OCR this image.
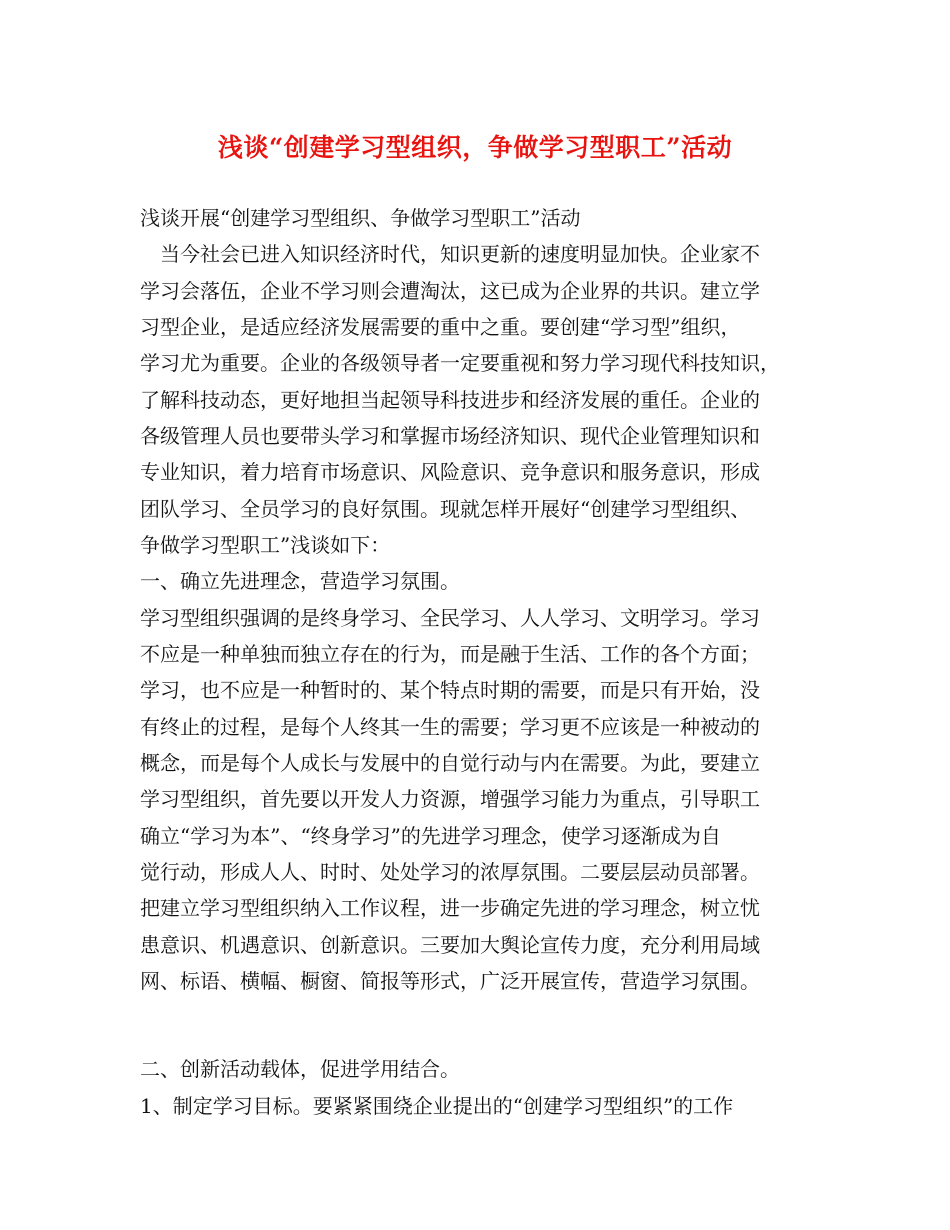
浅谈“创建学习型组织，争做学习型职工”活动
浅谈开展“创建学习型组织、争做学习型职工”活动
　当今社会已进入知识经济时代，知识更新的速度明显加快。企业家不
学习会落伍，企业不学习则会遭淘汰，这已成为企业界的共识。建立学
习型企业，是适应经济发展需要的重中之重。要创建“学习型”组织，
学习尤为重要。企业的各级领导者一定要重视和努力学习现代科技知识，
了解科技动态，更好地担当起领导科技进步和经济发展的重任。企业的
各级管理人员也要带头学习和掌握市场经济知识、现代企业管理知识和
专业知识，着力培育市场意识、风险意识、竞争意识和服务意识，形成
团队学习、全员学习的良好氛围。现就怎样开展好“创建学习型组织、
争做学习型职工”浅谈如下：
一、确立先进理念，营造学习氛围。
学习型组织强调的是终身学习、全民学习、人人学习、文明学习。学习
不应是一种单独而独立存在的行为，而是融于生活、工作的各个方面；
学习，也不应是一种暂时的、某个特点时期的需要，而是只有开始，没
有终止的过程，是每个人终其一生的需要；学习更不应该是一种被动的
概念，而是每个人成长与发展中的自觉行动与内在需要。为此，要建立
学习型组织，首先要以开发人力资源，增强学习能力为重点，引导职工
确立“学习为本”、“终身学习”的先进学习理念，使学习逐渐成为自
觉行动，形成人人、时时、处处学习的浓厚氛围。二要层层动员部署。
把建立学习型组织纳入工作议程，进一步确定先进的学习理念，树立忧
患意识、机遇意识、创新意识。三要加大舆论宣传力度，充分利用局域
网、标语、横幅、橱窗、简报等形式，广泛开展宣传，营造学习氛围。
二、创新活动载体，促进学用结合。
1、制定学习目标。要紧紧围绕企业提出的“创建学习型组织”的工作
